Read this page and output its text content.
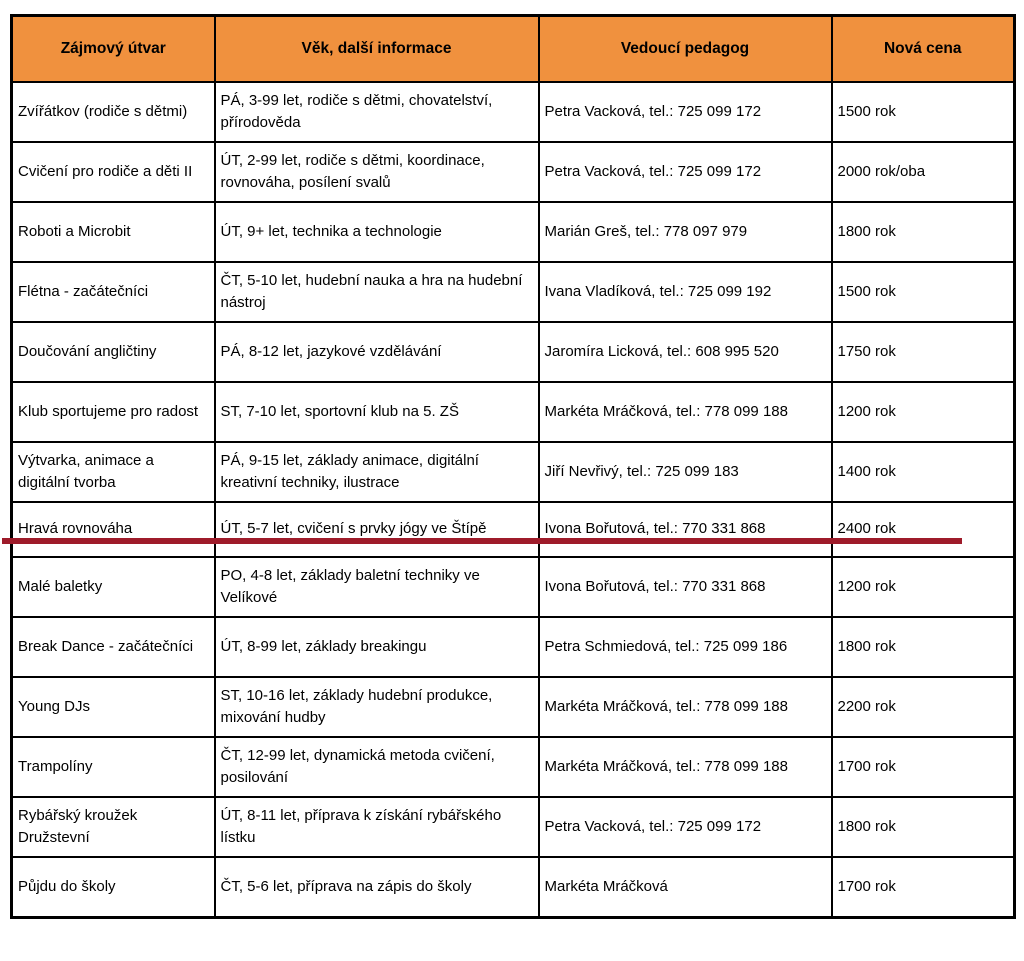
Zájmový útvar	Věk, další informace	Vedoucí pedagog	Nová cena
Zvířátkov (rodiče s dětmi)	PÁ, 3-99 let, rodiče s dětmi, chovatelství, přírodověda	Petra Vacková, tel.: 725 099 172	1500 rok
Cvičení pro rodiče a děti II	ÚT, 2-99 let, rodiče s dětmi, koordinace, rovnováha, posílení svalů	Petra Vacková, tel.: 725 099 172	2000 rok/oba
Roboti a Microbit	ÚT, 9+ let, technika a technologie	Marián Greš, tel.: 778 097 979	1800 rok
Flétna - začátečníci	ČT, 5-10 let, hudební nauka a hra na hudební nástroj	Ivana Vladíková, tel.: 725 099 192	1500 rok
Doučování angličtiny	PÁ, 8-12 let, jazykové vzdělávání	Jaromíra Licková, tel.: 608 995 520	1750 rok
Klub sportujeme pro radost	ST, 7-10 let, sportovní klub na 5. ZŠ	Markéta Mráčková, tel.: 778 099 188	1200 rok
Výtvarka, animace a digitální tvorba	PÁ, 9-15 let, základy animace, digitální kreativní techniky, ilustrace	Jiří Nevřivý, tel.: 725 099 183	1400 rok
Hravá rovnováha	ÚT, 5-7 let, cvičení s prvky jógy ve Štípě	Ivona Bořutová, tel.: 770 331 868	2400 rok
Malé baletky	PO, 4-8 let, základy baletní techniky ve Velíkové	Ivona Bořutová, tel.: 770 331 868	1200 rok
Break Dance - začátečníci	ÚT, 8-99 let, základy breakingu	Petra Schmiedová, tel.: 725 099 186	1800 rok
Young DJs	ST, 10-16 let, základy hudební produkce, mixování hudby	Markéta Mráčková, tel.: 778 099 188	2200 rok
Trampolíny	ČT, 12-99 let, dynamická metoda cvičení, posilování	Markéta Mráčková, tel.: 778 099 188	1700 rok
Rybářský kroužek Družstevní	ÚT, 8-11 let, příprava k získání rybářského lístku	Petra Vacková, tel.: 725 099 172	1800 rok
Půjdu do školy	ČT, 5-6 let, příprava na zápis do školy	Markéta Mráčková	1700 rok
